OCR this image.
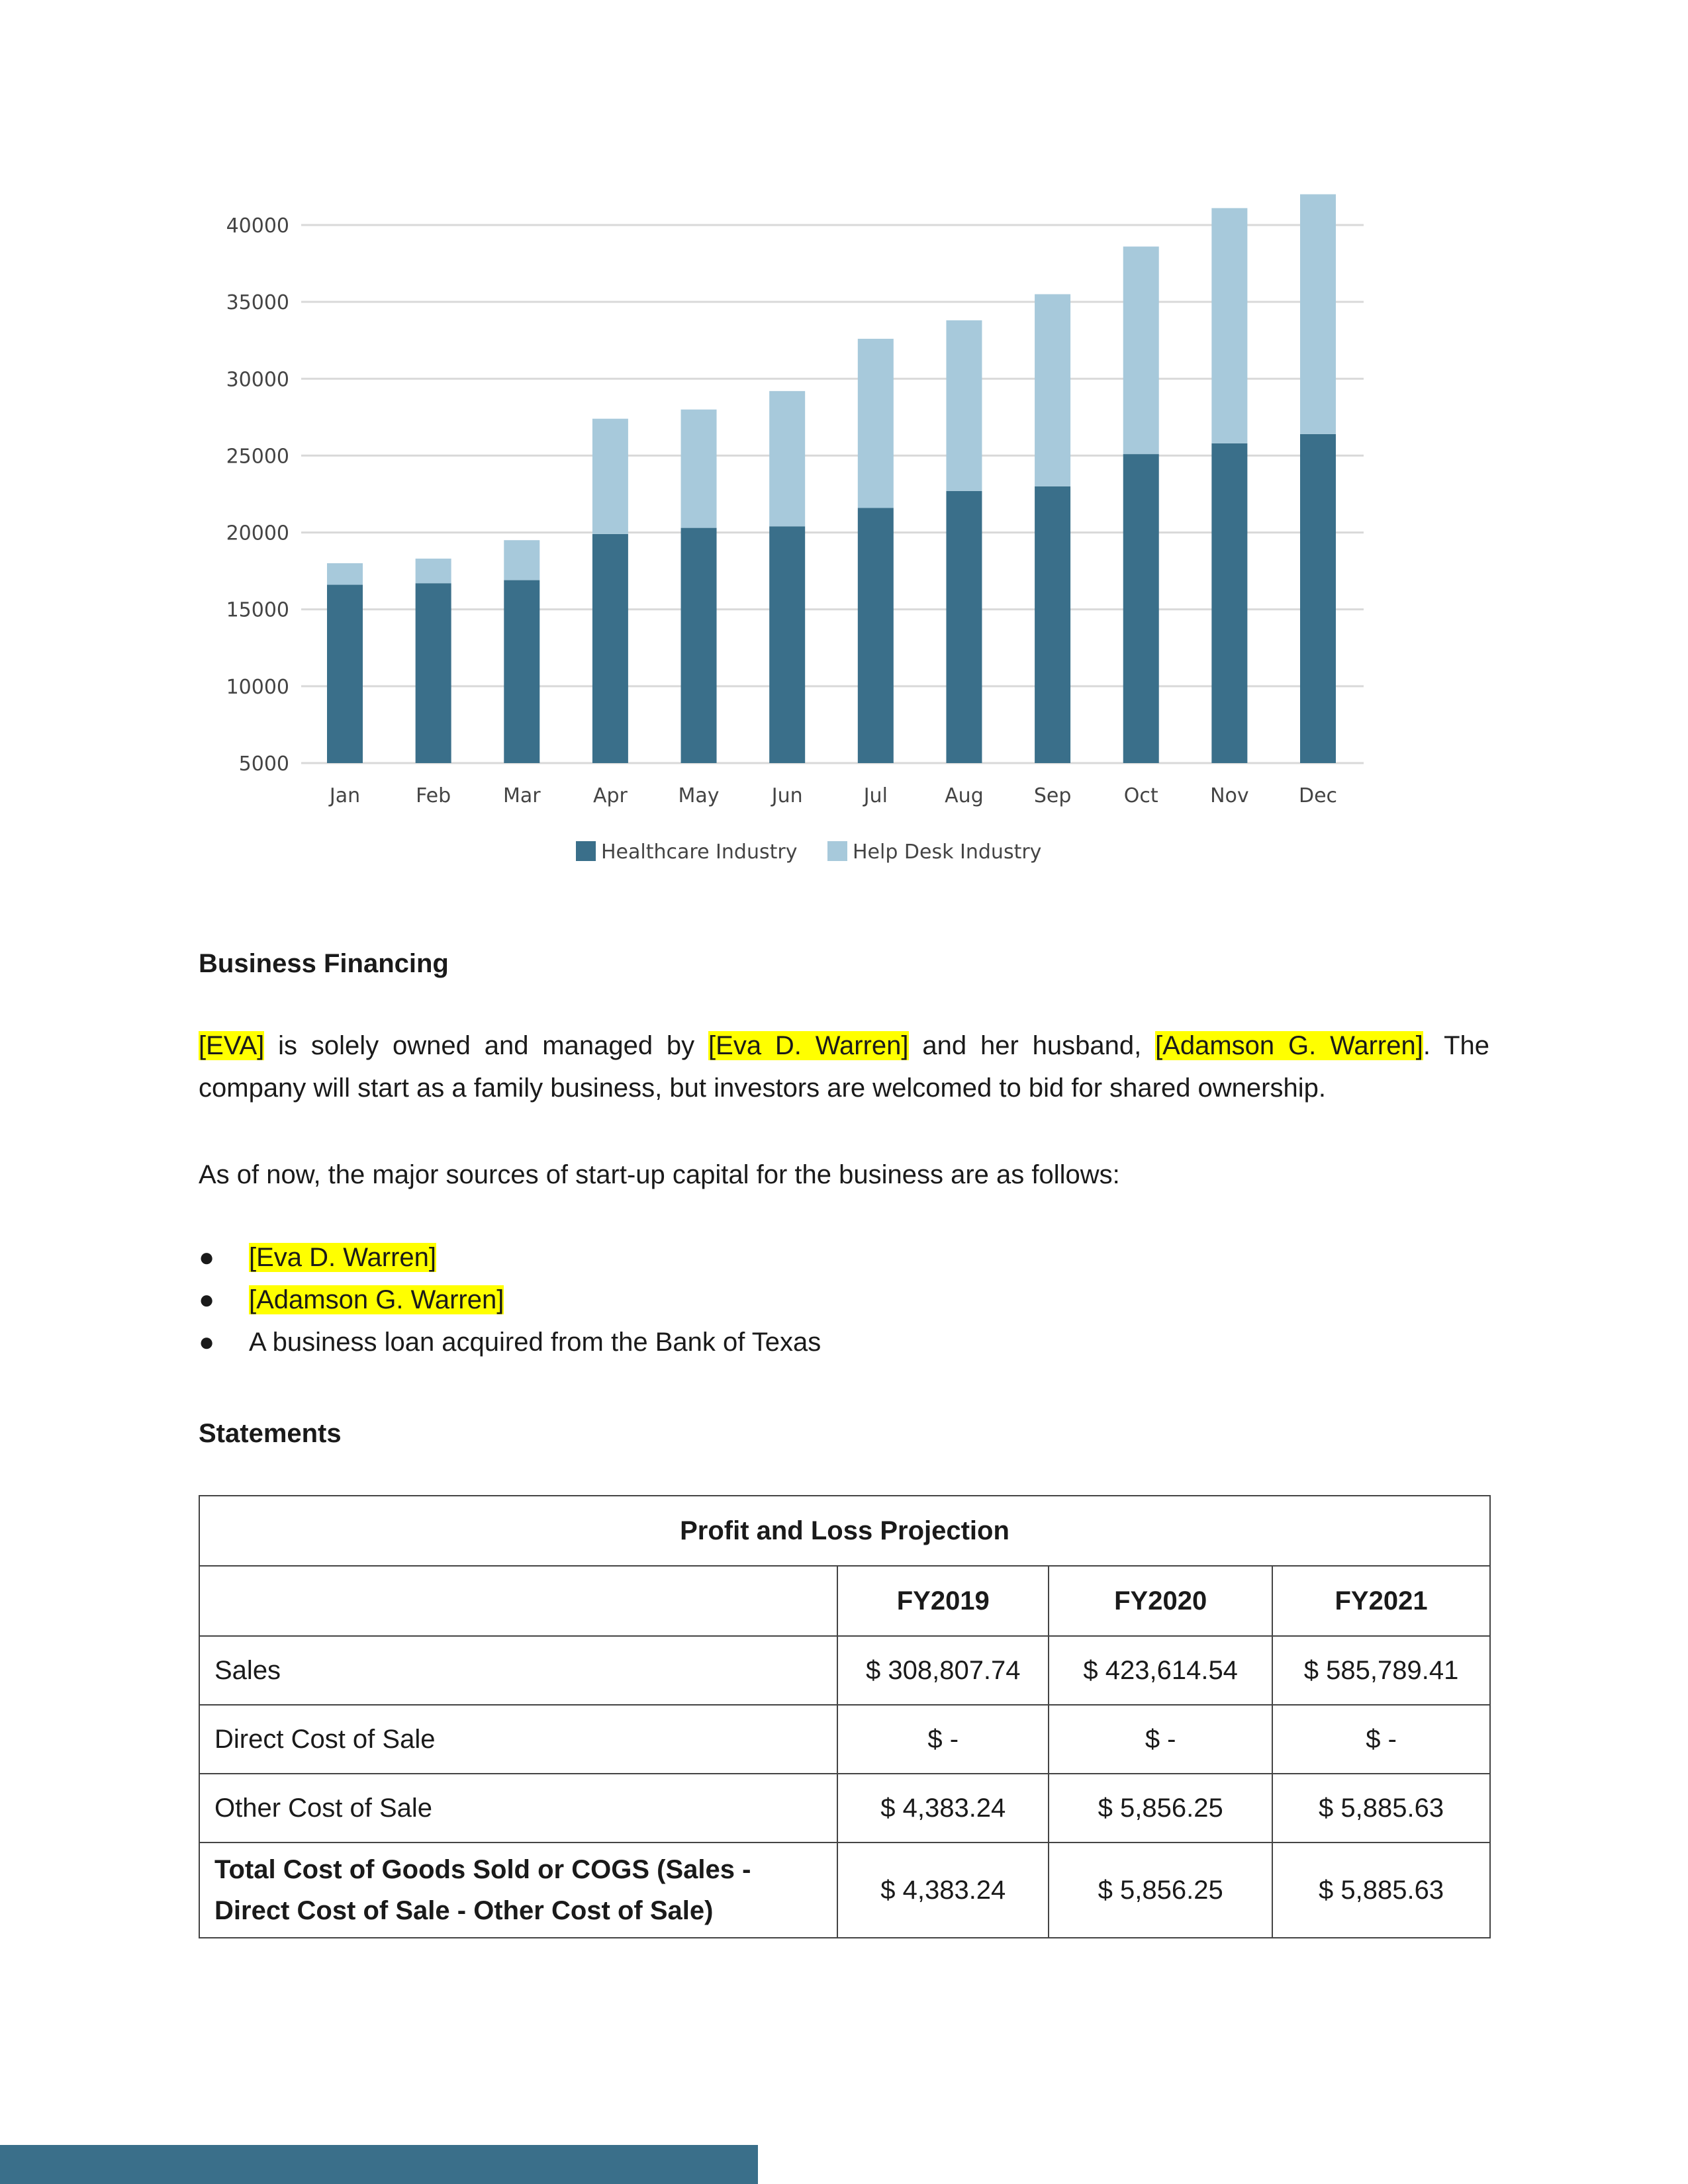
40000
35000
30000
25000
20000
15000
10000
5000
Jan	Feb	Mar	Apr	May	Jun	Jul	Aug	Sep	Oct	Nov	Dec
Healthcare Industry	Help Desk Industry
Business Financing
[EVA] is solely owned and managed by [Eva D. Warren] and her husband, [Adamson G. Warren]. The company will start as a family business, but investors are welcomed to bid for shared ownership.
As of now, the major sources of start-up capital for the business are as follows:
●	[Eva D. Warren]
●	[Adamson G. Warren]
●	A business loan acquired from the Bank of Texas
Statements
Profit and Loss Projection			
	FY2019	FY2020	FY2021
Sales	$ 308,807.74	$ 423,614.54	$ 585,789.41
Direct Cost of Sale	$ -	$ -	$ -
Other Cost of Sale	$ 4,383.24	$ 5,856.25	$ 5,885.63
Total Cost of Goods Sold or COGS (Sales - Direct Cost of Sale - Other Cost of Sale)	$ 4,383.24	$ 5,856.25	$ 5,885.63
